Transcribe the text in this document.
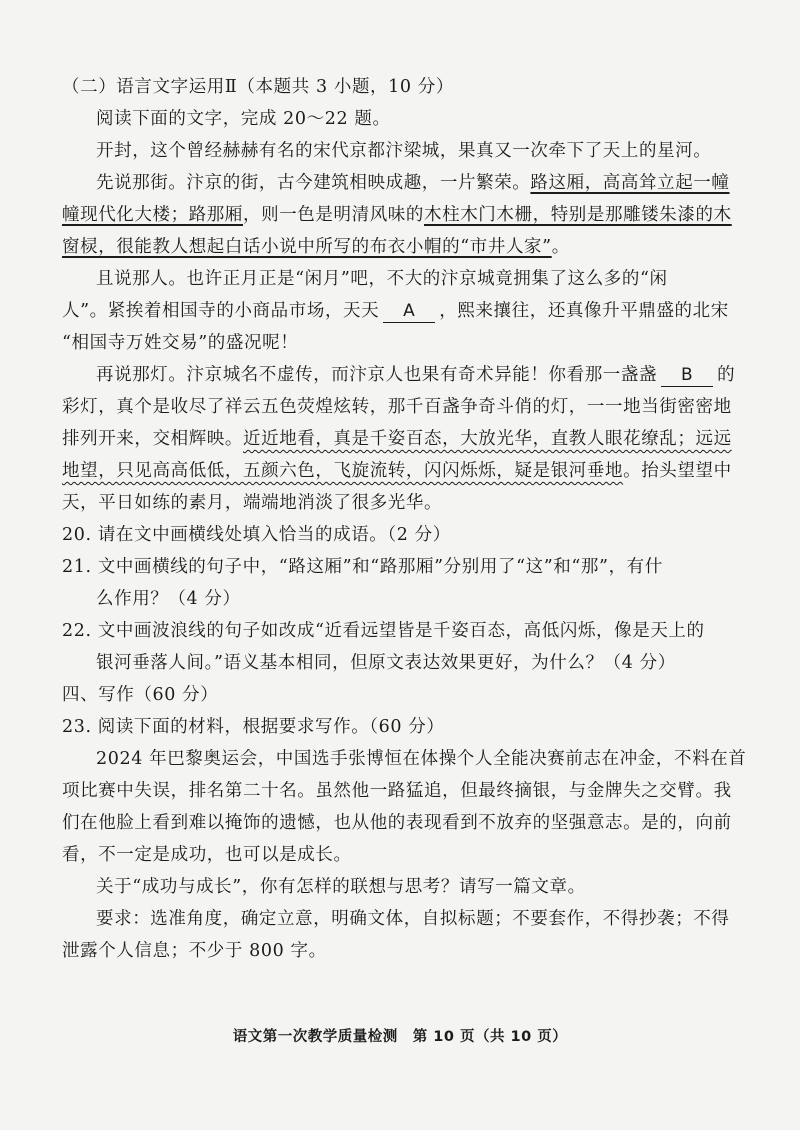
（二）语言文字运用Ⅱ（本题共 3 小题，10 分）
阅读下面的文字，完成 20～22 题。
开封，这个曾经赫赫有名的宋代京都汴梁城，果真又一次牵下了天上的星河。
先说那街。汴京的街，古今建筑相映成趣，一片繁荣。路这厢，高高耸立起一幢
幢现代化大楼；路那厢，则一色是明清风味的木柱木门木栅，特别是那雕镂朱漆的木
窗棂，很能教人想起白话小说中所写的布衣小帽的“市井人家”。
且说那人。也许正月正是“闲月”吧，不大的汴京城竟拥集了这么多的“闲
人”。紧挨着相国寺的小商品市场，天天 A ，熙来攘往，还真像升平鼎盛的北宋
“相国寺万姓交易”的盛况呢！
再说那灯。汴京城名不虚传，而汴京人也果有奇术异能！你看那一盏盏 B 的
彩灯，真个是收尽了祥云五色荧煌炫转，那千百盏争奇斗俏的灯，一一地当街密密地
排列开来，交相辉映。近近地看，真是千姿百态，大放光华，直教人眼花缭乱；远远
地望，只见高高低低，五颜六色，飞旋流转，闪闪烁烁，疑是银河垂地。抬头望望中
天，平日如练的素月，端端地消淡了很多光华。
20. 请在文中画横线处填入恰当的成语。（2 分）
21. 文中画横线的句子中，“路这厢”和“路那厢”分别用了“这”和“那”，有什
么作用？（4 分）
22. 文中画波浪线的句子如改成“近看远望皆是千姿百态，高低闪烁，像是天上的
银河垂落人间。”语义基本相同，但原文表达效果更好，为什么？（4 分）
四、写作（60 分）
23. 阅读下面的材料，根据要求写作。（60 分）
2024 年巴黎奥运会，中国选手张博恒在体操个人全能决赛前志在冲金，不料在首
项比赛中失误，排名第二十名。虽然他一路猛追，但最终摘银，与金牌失之交臂。我
们在他脸上看到难以掩饰的遗憾，也从他的表现看到不放弃的坚强意志。是的，向前
看，不一定是成功，也可以是成长。
关于“成功与成长”，你有怎样的联想与思考？请写一篇文章。
要求：选准角度，确定立意，明确文体，自拟标题；不要套作，不得抄袭；不得
泄露个人信息；不少于 800 字。
语文第一次教学质量检测　第 10 页（共 10 页）
